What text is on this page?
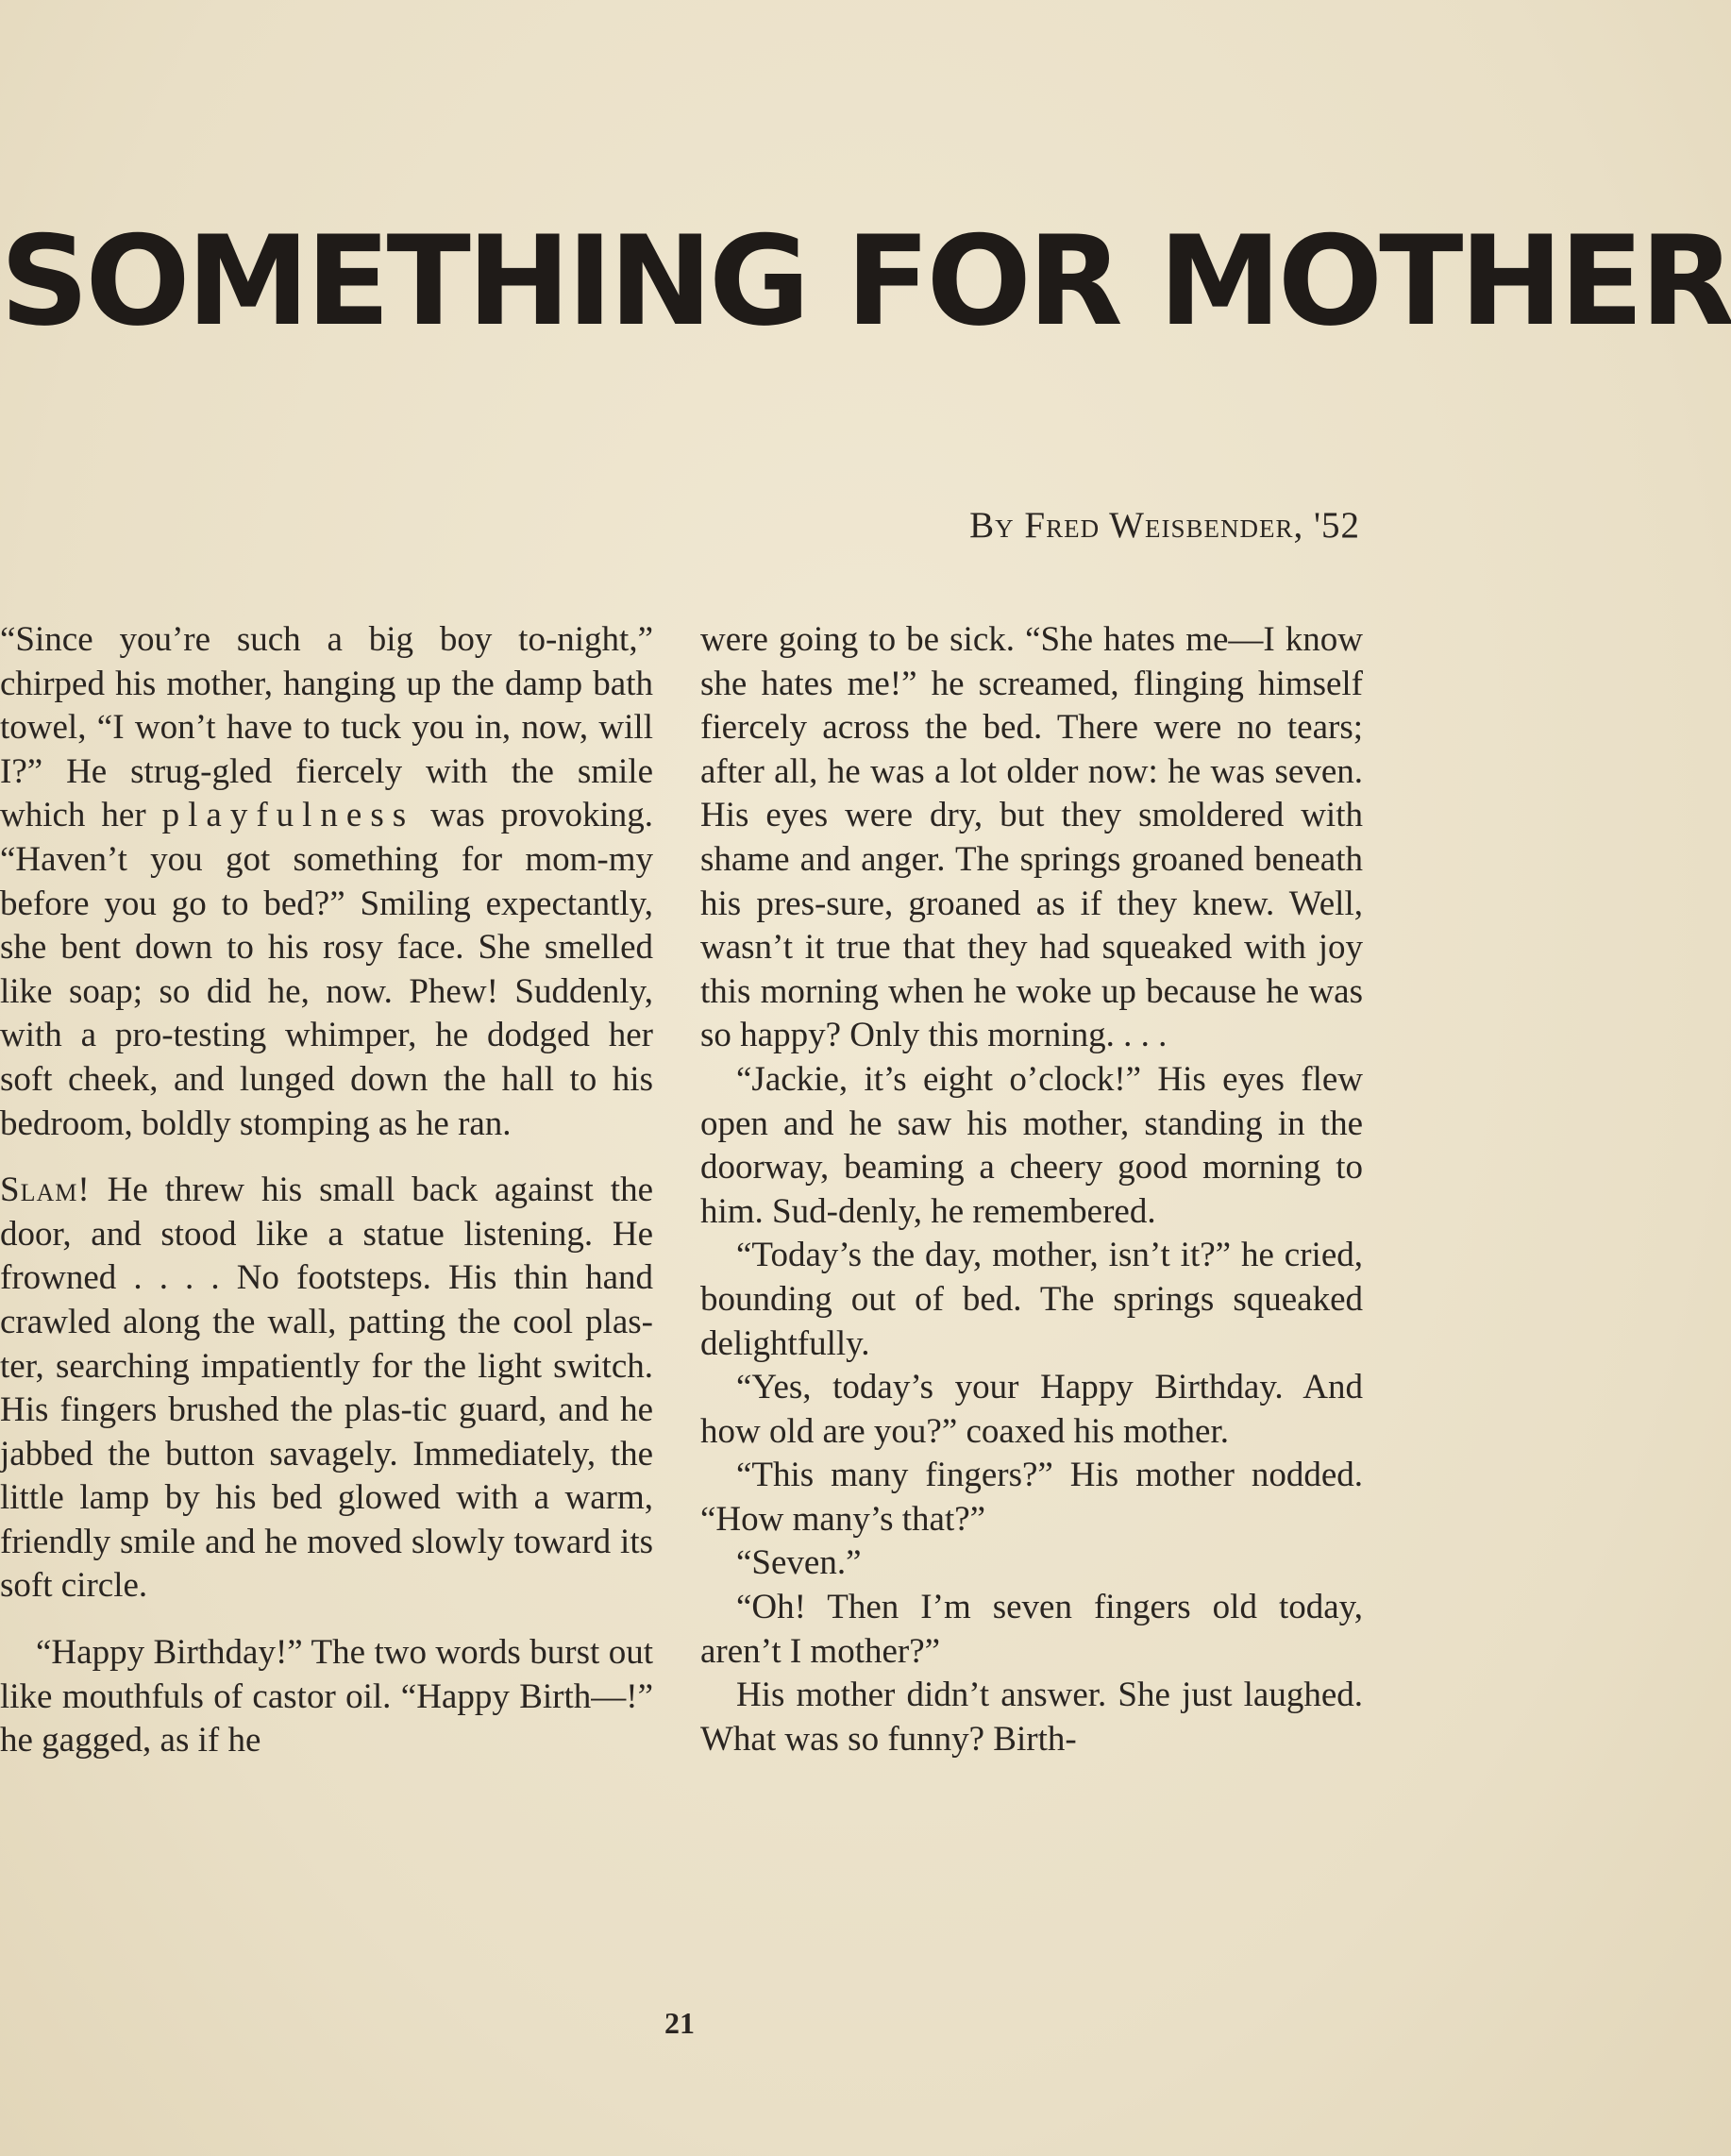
SOMETHING FOR MOTHER

By Fred Weisbender, '52

“Since you’re such a big boy to-night,” chirped his mother, hanging up the damp bath towel, “I won’t have to tuck you in, now, will I?” He strug-gled fiercely with the smile which her playfulness was provoking. “Haven’t you got something for mom-my before you go to bed?” Smiling expectantly, she bent down to his rosy face. She smelled like soap; so did he, now. Phew! Suddenly, with a pro-testing whimper, he dodged her soft cheek, and lunged down the hall to his bedroom, boldly stomping as he ran.

Slam! He threw his small back against the door, and stood like a statue listening. He frowned . . . . No footsteps. His thin hand crawled along the wall, patting the cool plas-ter, searching impatiently for the light switch. His fingers brushed the plas-tic guard, and he jabbed the button savagely. Immediately, the little lamp by his bed glowed with a warm, friendly smile and he moved slowly toward its soft circle.

“Happy Birthday!” The two words burst out like mouthfuls of castor oil. “Happy Birth—!” he gagged, as if he

were going to be sick. “She hates me—I know she hates me!” he screamed, flinging himself fiercely across the bed. There were no tears; after all, he was a lot older now: he was seven. His eyes were dry, but they smoldered with shame and anger. The springs groaned beneath his pres-sure, groaned as if they knew. Well, wasn’t it true that they had squeaked with joy this morning when he woke up because he was so happy? Only this morning. . . .

“Jackie, it’s eight o’clock!” His eyes flew open and he saw his mother, standing in the doorway, beaming a cheery good morning to him. Sud-denly, he remembered.

“Today’s the day, mother, isn’t it?” he cried, bounding out of bed. The springs squeaked delightfully.

“Yes, today’s your Happy Birthday. And how old are you?” coaxed his mother.

“This many fingers?” His mother nodded. “How many’s that?”

“Seven.”

“Oh! Then I’m seven fingers old today, aren’t I mother?”

His mother didn’t answer. She just laughed. What was so funny? Birth-

21
